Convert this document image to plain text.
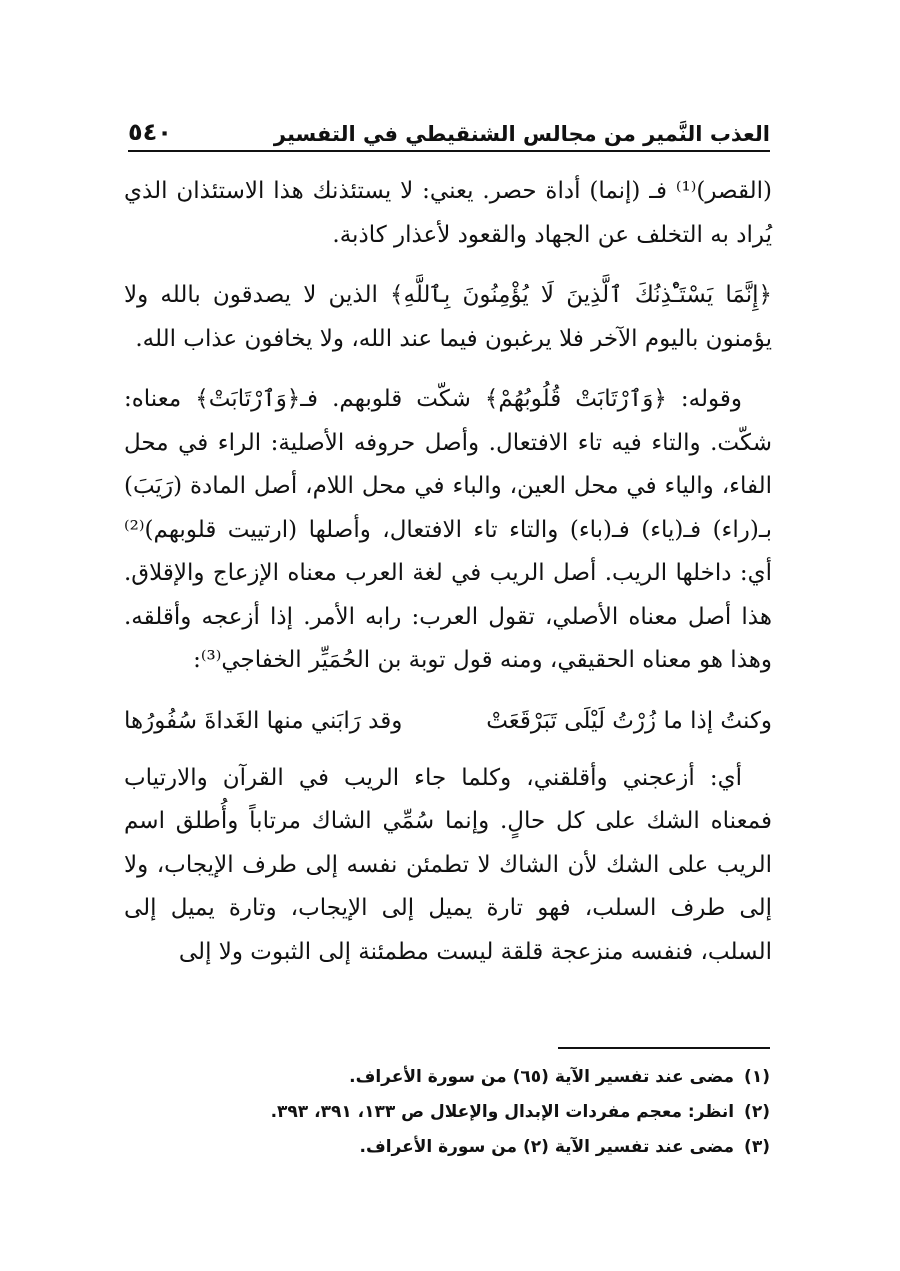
العذب النَّمير من مجالس الشنقيطي في التفسير
٥٤٠

(القصر)⁽¹⁾ فـ (إنما) أداة حصر. يعني: لا يستئذنك هذا الاستئذان الذي يُراد به التخلف عن الجهاد والقعود لأعذار كاذبة.

﴿إِنَّمَا يَسْتَـْٔذِنُكَ ٱلَّذِينَ لَا يُؤْمِنُونَ بِٱللَّهِ﴾ الذين لا يصدقون بالله ولا يؤمنون باليوم الآخر فلا يرغبون فيما عند الله، ولا يخافون عذاب الله.

وقوله: ﴿وَٱرْتَابَتْ قُلُوبُهُمْ﴾ شكّت قلوبهم. فـ﴿وَٱرْتَابَتْ﴾ معناه: شكّت. والتاء فيه تاء الافتعال. وأصل حروفه الأصلية: الراء في محل الفاء، والياء في محل العين، والباء في محل اللام، أصل المادة (رَيَبَ) بـ(راء) فـ(ياء) فـ(باء) والتاء تاء الافتعال، وأصلها (ارتييت قلوبهم)⁽²⁾ أي: داخلها الريب. أصل الريب في لغة العرب معناه الإزعاج والإقلاق. هذا أصل معناه الأصلي، تقول العرب: رابه الأمر. إذا أزعجه وأقلقه. وهذا هو معناه الحقيقي، ومنه قول توبة بن الحُمَيِّر الخفاجي⁽³⁾:

وكنتُ إذا ما زُرْتُ لَيْلَى تَبَرْقَعَتْ
وقد رَابَني منها الغَداةَ سُفُورُها

أي: أزعجني وأقلقني، وكلما جاء الريب في القرآن والارتياب فمعناه الشك على كل حالٍ. وإنما سُمِّي الشاك مرتاباً وأُطلق اسم الريب على الشك لأن الشاك لا تطمئن نفسه إلى طرف الإيجاب، ولا إلى طرف السلب، فهو تارة يميل إلى الإيجاب، وتارة يميل إلى السلب، فنفسه منزعجة قلقة ليست مطمئنة إلى الثبوت ولا إلى

(١)مضى عند تفسير الآية (٦٥) من سورة الأعراف.
(٢)انظر: معجم مفردات الإبدال والإعلال ص ١٣٣، ٣٩١، ٣٩٣.
(٣)مضى عند تفسير الآية (٢) من سورة الأعراف.
